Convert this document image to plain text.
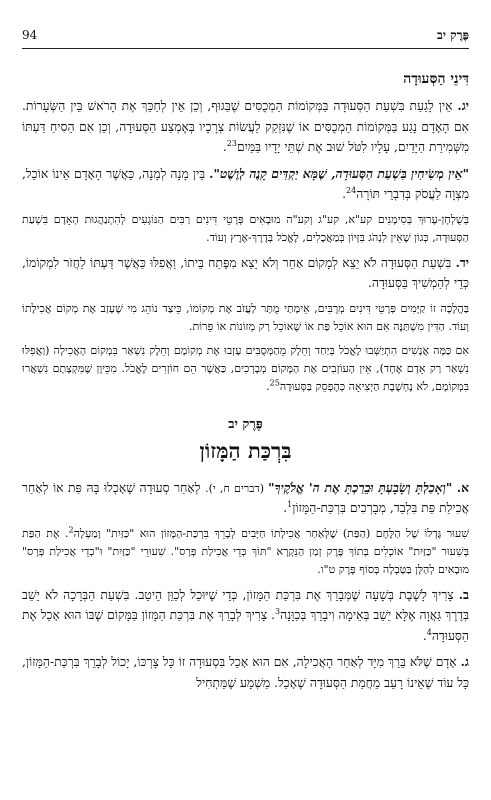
פֶּרֶק יב
94
דִּינֵי הַסְּעוּדָה

יג. אֵין לָגַעַת בִּשְׁעַת הַסְּעוּדָה בַּמְּקוֹמוֹת הַמְכֻסִּים שֶׁבַּגּוּף, וְכֵן אֵין לְחַכֵּךְ אֶת הָרֹאשׁ בֵּין הַשְּׂעָרוֹת. אִם הָאָדָם נָגַע בַּמְּקוֹמוֹת הַמְכֻסִּים אוֹ שֶׁנִּזְקַק לַעֲשׂוֹת צְרָכָיו בְּאֶמְצַע הַסְּעוּדָה, וְכֵן אִם הֵסִיחַ דַּעְתּוֹ מִשְּׁמִירַת הַיָּדַיִם, עָלָיו לִטֹּל שׁוּב אֶת שְׁתֵּי יָדָיו בַּמַּיִם$^{23}$.

"אֵין מְשִׂיחִין בִּשְׁעַת הַסְּעוּדָה, שֶׁמָּא יַקְדִּים קָנֶה לְוֶשֶׁט". בֵּין מָנָה לְמָנָה, כַּאֲשֶׁר הָאָדָם אֵינוֹ אוֹכֵל, מִצְוָה לַעֲסֹק בְּדִבְרֵי תּוֹרָה$^{24}$.

בְּשֻׁלְחָן-עָרוּךְ בְּסִימָנִים קע"א, קע"ג וְקע"ה מוּבָאִים פְּרָטֵי דִּינִים רַבִּים הַנּוֹגְעִים לְהִתְנַהֲגוּת הָאָדָם בִּשְׁעַת הַסְּעוּדָה, כְּגוֹן שֶׁאֵין לִנְהֹג בִּזָּיוֹן בְּמַאֲכָלִים, לֶאֱכֹל בְּדֶרֶךְ-אֶרֶץ וְעוֹד.

יד. בִּשְׁעַת הַסְּעוּדָה לֹא יֵצֵא לְמָקוֹם אַחֵר וְלֹא יֵצֵא מִפֶּתַח בֵּיתוֹ, וַאֲפִלּוּ כַּאֲשֶׁר דַּעְתּוֹ לַחֲזֹר לִמְקוֹמוֹ, כְּדֵי לְהַמְשִׁיךְ בַּסְּעוּדָה.

בַּהֲלָכָה זוֹ קַיָּמִים פְּרָטֵי דִּינִים מְרֻבִּים, אֵימָתַי מֻתָּר לַעֲזֹב אֶת מְקוֹמוֹ, כֵּיצַד נוֹהֵג מִי שֶׁעָזַב אֶת מְקוֹם אֲכִילָתוֹ וְעוֹד. הַדִּין מִשְׁתַּנֶּה אִם הוּא אוֹכֵל פַּת אוֹ שֶׁאוֹכֵל רַק מְזוֹנוֹת אוֹ פֵּרוֹת.

אִם כַּמָּה אֲנָשִׁים הִתְיַשְּׁבוּ לֶאֱכֹל בְּיַחַד וְחֵלֶק מֵהַמְּסֻבִּים עָזְבוּ אֶת מְקוֹמָם וְחֵלֶק נִשְׁאַר בִּמְקוֹם הָאֲכִילָה (וַאֲפִלּוּ נִשְׁאַר רַק אָדָם אֶחָד), אֵין הָעוֹזְבִים אֶת הַמָּקוֹם מְבָרְכִים, כַּאֲשֶׁר הֵם חוֹזְרִים לֶאֱכֹל. מִכֵּיוָן שֶׁמִּקְצָתָם נִשְׁאֲרוּ בִּמְקוֹמָם, לֹא נֶחְשֶׁבֶת הַיְצִיאָה כְּהֶפְסֵק בַּסְּעוּדָה$^{25}$.

פֶּרֶק יב
בִּרְכַּת הַמָּזוֹן

א. "וְאָכַלְתָּ וְשָׂבָעְתָּ וּבֵרַכְתָּ אֶת ה' אֱלֹקֶיךָ" (דברים ח, י). לְאַחַר סְעוּדָה שֶׁאָכְלוּ בָּהּ פַּת אוֹ לְאַחַר אֲכִילַת פַּת בִּלְבַד, מְבָרְכִים בִּרְכַּת-הַמָּזוֹן$^1$.

שִׁעוּר גָּדְלוֹ שֶׁל הַלֶּחֶם (הַפַּת) שֶׁלְּאַחַר אֲכִילָתוֹ חַיָּבִים לְבָרֵךְ בִּרְכַּת-הַמָּזוֹן הוּא "כַּזַּיִת" וָמַעְלָה$^2$. אֶת הַפַּת בְּשִׁעוּר "כַּזַּיִת" אוֹכְלִים בְּתוֹךְ פֶּרֶק זְמַן הַנִּקְרָא "תּוֹךְ כְּדֵי אֲכִילַת פְּרָס". שִׁעוּרֵי "כַּזַּיִת" וּ"כְדֵי אֲכִילַת פְּרָס" מוּבָאִים לְהַלָּן בַּטַּבְלָה בְּסוֹף פֶּרֶק ט"ו.

ב. צָרִיךְ לָשֶׁבֶת בְּשָׁעָה שֶׁמְּבָרֵךְ אֶת בִּרְכַּת הַמָּזוֹן, כְּדֵי שֶׁיּוּכַל לְכַוֵּן הֵיטֵב. בִּשְׁעַת הַבְּרָכָה לֹא יֵשֵׁב בְּדֶרֶךְ גַּאֲוָה אֶלָּא יֵשֵׁב בְּאֵימָה וִיבָרֵךְ בְּכַוָּנָה$^3$. צָרִיךְ לְבָרֵךְ אֶת בִּרְכַּת הַמָּזוֹן בַּמָּקוֹם שֶׁבּוֹ הוּא אָכַל אֶת הַסְּעוּדָה$^4$.

ג. אָדָם שֶׁלֹּא בֵּרַךְ מִיָּד לְאַחַר הָאֲכִילָה, אִם הוּא אָכַל בִּסְעוּדָה זוֹ כָּל צָרְכּוֹ, יָכוֹל לְבָרֵךְ בִּרְכַּת-הַמָּזוֹן, כָּל עוֹד שֶׁאֵינוֹ רָעֵב מֵחֲמַת הַסְּעוּדָה שֶׁאָכַל. מַשְׁמָע שֶׁמַּתְחִיל
